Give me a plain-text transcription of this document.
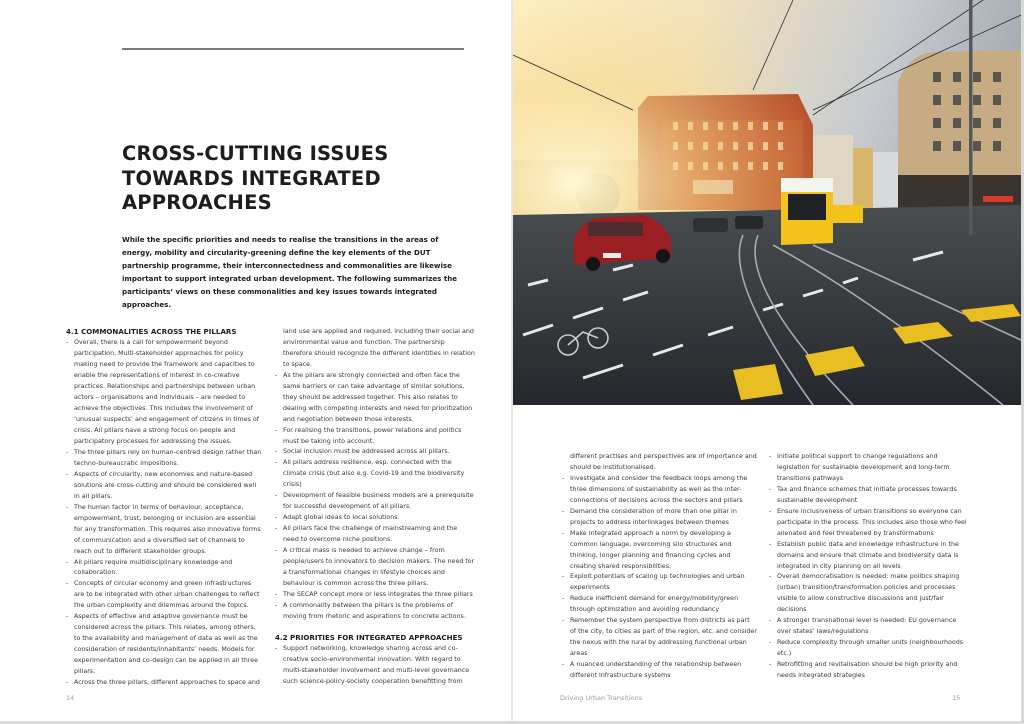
CROSS-CUTTING ISSUES TOWARDS INTEGRATED APPROACHES

While the specific priorities and needs to realise the transitions in the areas of energy, mobility and circularity-greening define the key elements of the DUT partnership programme, their interconnectedness and commonalities are likewise important to support integrated urban development. The following summarizes the participants’ views on these commonalities and key issues towards integrated approaches.

4.1 COMMONALITIES ACROSS THE PILLARS
- Overall, there is a call for empowerment beyond participation. Multi-stakeholder approaches for policy making need to provide the framework and capacities to enable the representations of interest in co-creative practices. Relationships and partnerships between urban actors – organisations and individuals – are needed to achieve the objectives. This includes the involvement of ‘unusual suspects’ and engagement of citizens in times of crisis. All pillars have a strong focus on people and participatory processes for addressing the issues.
- The three pillars rely on human-centred design rather than techno-bureaucratic impositions.
- Aspects of circularity, new economies and nature-based solutions are cross-cutting and should be considered well in all pillars.
- The human factor in terms of behaviour, acceptance, empowerment, trust, belonging or inclusion are essential for any transformation. This requires also innovative forms of communication and a diversified set of channels to reach out to different stakeholder groups.
- All pillars require multidisciplinary knowledge and collaboration.
- Concepts of circular economy and green infrastructures are to be integrated with other urban challenges to reflect the urban complexity and dilemmas around the topics.
- Aspects of effective and adaptive governance must be considered across the pillars. This relates, among others, to the availability and management of data as well as the consideration of residents/inhabitants’ needs. Models for experimentation and co-design can be applied in all three pillars.
- Across the three pillars, different approaches to space and

land use are applied and required, including their social and environmental value and function. The partnership therefore should recognize the different identities in relation to space.

- As the pillars are strongly connected and often face the same barriers or can take advantage of similar solutions, they should be addressed together. This also relates to dealing with competing interests and need for prioritization and negotiation between those interests.
- For realising the transitions, power relations and politics must be taking into account.
- Social inclusion must be addressed across all pillars.
- All pillars address resilience, esp. connected with the climate crisis (but also e.g. Covid-19 and the biodiversity crisis)
- Development of feasible business models are a prerequisite for successful development of all pillars.
- Adapt global ideas to local solutions.
- All pillars face the challenge of mainstreaming and the need to overcome niche positions.
- A critical mass is needed to achieve change – from people/users to innovators to decision makers. The need for a transformational changes in lifestyle choices and behaviour is common across the three pillars.
- The SECAP concept more or less integrates the three pillars
- A commonality between the pillars is the problems of moving from rhetoric and aspirations to concrete actions.
4.2 PRIORITIES FOR INTEGRATED APPROACHES
- Support networking, knowledge sharing across and co-creative socio-environmental innovation. With regard to multi-stakeholder involvement and multi-level governance such science-policy-society cooperation benefitting from
14

different practises and perspectives are of importance and should be institutionalised.

- Investigate and consider the feedback loops among the three dimensions of sustainability as well as the inter-connections of decisions across the sectors and pillars
- Demand the consideration of more than one pillar in projects to address interlinkages between themes
- Make integrated approach a norm by developing a common language, overcoming silo structures and thinking, longer planning and financing cycles and creating shared responsibilities.
- Exploit potentials of scaling up technologies and urban experiments
- Reduce inefficient demand for energy/mobility/green through optimization and avoiding redundancy
- Remember the system perspective from districts as part of the city, to cities as part of the region, etc. and consider the nexus with the rural by addressing functional urban areas
- A nuanced understanding of the relationship between different infrastructure systems
- Initiate political support to change regulations and legislation for sustainable development and long-term transitions pathways
- Tax and finance schemes that initiate processes towards sustainable development
- Ensure inclusiveness of urban transitions so everyone can participate in the process. This includes also those who feel alienated and feel threatened by transformations
- Establish public data and knowledge infrastructure in the domains and ensure that climate and biodiversity data is integrated in city planning on all levels
- Overall democratisation is needed: make politics shaping (urban) transition/transformation policies and processes visible to allow constructive discussions and just/fair decisions
- A stronger transnational level is needed: EU governance over states’ laws/regulations
- Reduce complexity through smaller units (neighbourhoods etc.)
- Retrofitting and revitalisation should be high priority and needs integrated strategies
Driving Urban Transitions	15
